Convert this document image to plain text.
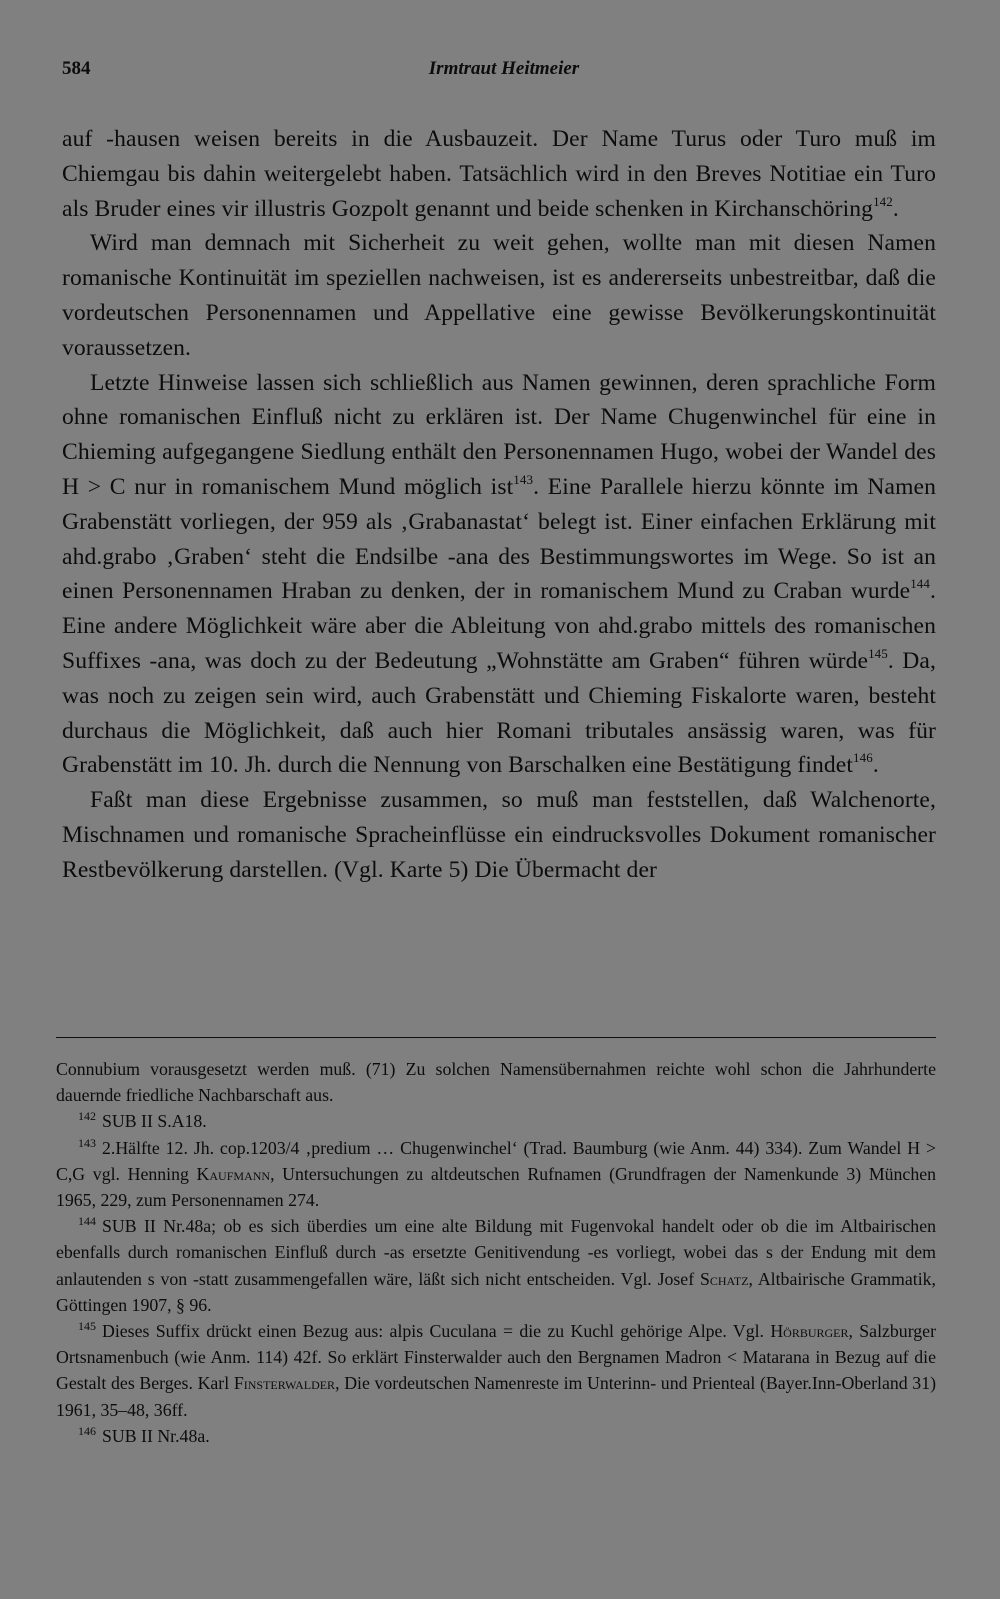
584	Irmtraut Heitmeier

auf -hausen weisen bereits in die Ausbauzeit. Der Name Turus oder Turo muß im Chiemgau bis dahin weitergelebt haben. Tatsächlich wird in den Breves Notitiae ein Turo als Bruder eines vir illustris Gozpolt genannt und beide schenken in Kirchanschöring$^{142}$.

Wird man demnach mit Sicherheit zu weit gehen, wollte man mit diesen Namen romanische Kontinuität im speziellen nachweisen, ist es andererseits unbestreitbar, daß die vordeutschen Personennamen und Appellative eine gewisse Bevölkerungskontinuität voraussetzen.

Letzte Hinweise lassen sich schließlich aus Namen gewinnen, deren sprachliche Form ohne romanischen Einfluß nicht zu erklären ist. Der Name Chugenwinchel für eine in Chieming aufgegangene Siedlung enthält den Personennamen Hugo, wobei der Wandel des H > C nur in romanischem Mund möglich ist$^{143}$. Eine Parallele hierzu könnte im Namen Grabenstätt vorliegen, der 959 als ‚Grabanastat‘ belegt ist. Einer einfachen Erklärung mit ahd.grabo ‚Graben‘ steht die Endsilbe -ana des Bestimmungswortes im Wege. So ist an einen Personennamen Hraban zu denken, der in romanischem Mund zu Craban wurde$^{144}$. Eine andere Möglichkeit wäre aber die Ableitung von ahd.grabo mittels des romanischen Suffixes -ana, was doch zu der Bedeutung „Wohnstätte am Graben“ führen würde$^{145}$. Da, was noch zu zeigen sein wird, auch Grabenstätt und Chieming Fiskalorte waren, besteht durchaus die Möglichkeit, daß auch hier Romani tributales ansässig waren, was für Grabenstätt im 10. Jh. durch die Nennung von Barschalken eine Bestätigung findet$^{146}$.

Faßt man diese Ergebnisse zusammen, so muß man feststellen, daß Walchenorte, Mischnamen und romanische Spracheinflüsse ein eindrucksvolles Dokument romanischer Restbevölkerung darstellen. (Vgl. Karte 5) Die Übermacht der

Connubium vorausgesetzt werden muß. (71) Zu solchen Namensübernahmen reichte wohl schon die Jahrhunderte dauernde friedliche Nachbarschaft aus.

$^{142}$ SUB II S.A18.

$^{143}$ 2.Hälfte 12. Jh. cop.1203/4 ‚predium … Chugenwinchel‘ (Trad. Baumburg (wie Anm. 44) 334). Zum Wandel H > C,G vgl. Henning Kaufmann, Untersuchungen zu altdeutschen Rufnamen (Grundfragen der Namenkunde 3) München 1965, 229, zum Personennamen 274.

$^{144}$ SUB II Nr.48a; ob es sich überdies um eine alte Bildung mit Fugenvokal handelt oder ob die im Altbairischen ebenfalls durch romanischen Einfluß durch -as ersetzte Genitivendung -es vorliegt, wobei das s der Endung mit dem anlautenden s von -statt zusammengefallen wäre, läßt sich nicht entscheiden. Vgl. Josef Schatz, Altbairische Grammatik, Göttingen 1907, § 96.

$^{145}$ Dieses Suffix drückt einen Bezug aus: alpis Cuculana = die zu Kuchl gehörige Alpe. Vgl. Hörburger, Salzburger Ortsnamenbuch (wie Anm. 114) 42f. So erklärt Finsterwalder auch den Bergnamen Madron < Matarana in Bezug auf die Gestalt des Berges. Karl Finsterwalder, Die vordeutschen Namenreste im Unterinn- und Prienteal (Bayer.Inn-Oberland 31) 1961, 35–48, 36ff.

$^{146}$ SUB II Nr.48a.
